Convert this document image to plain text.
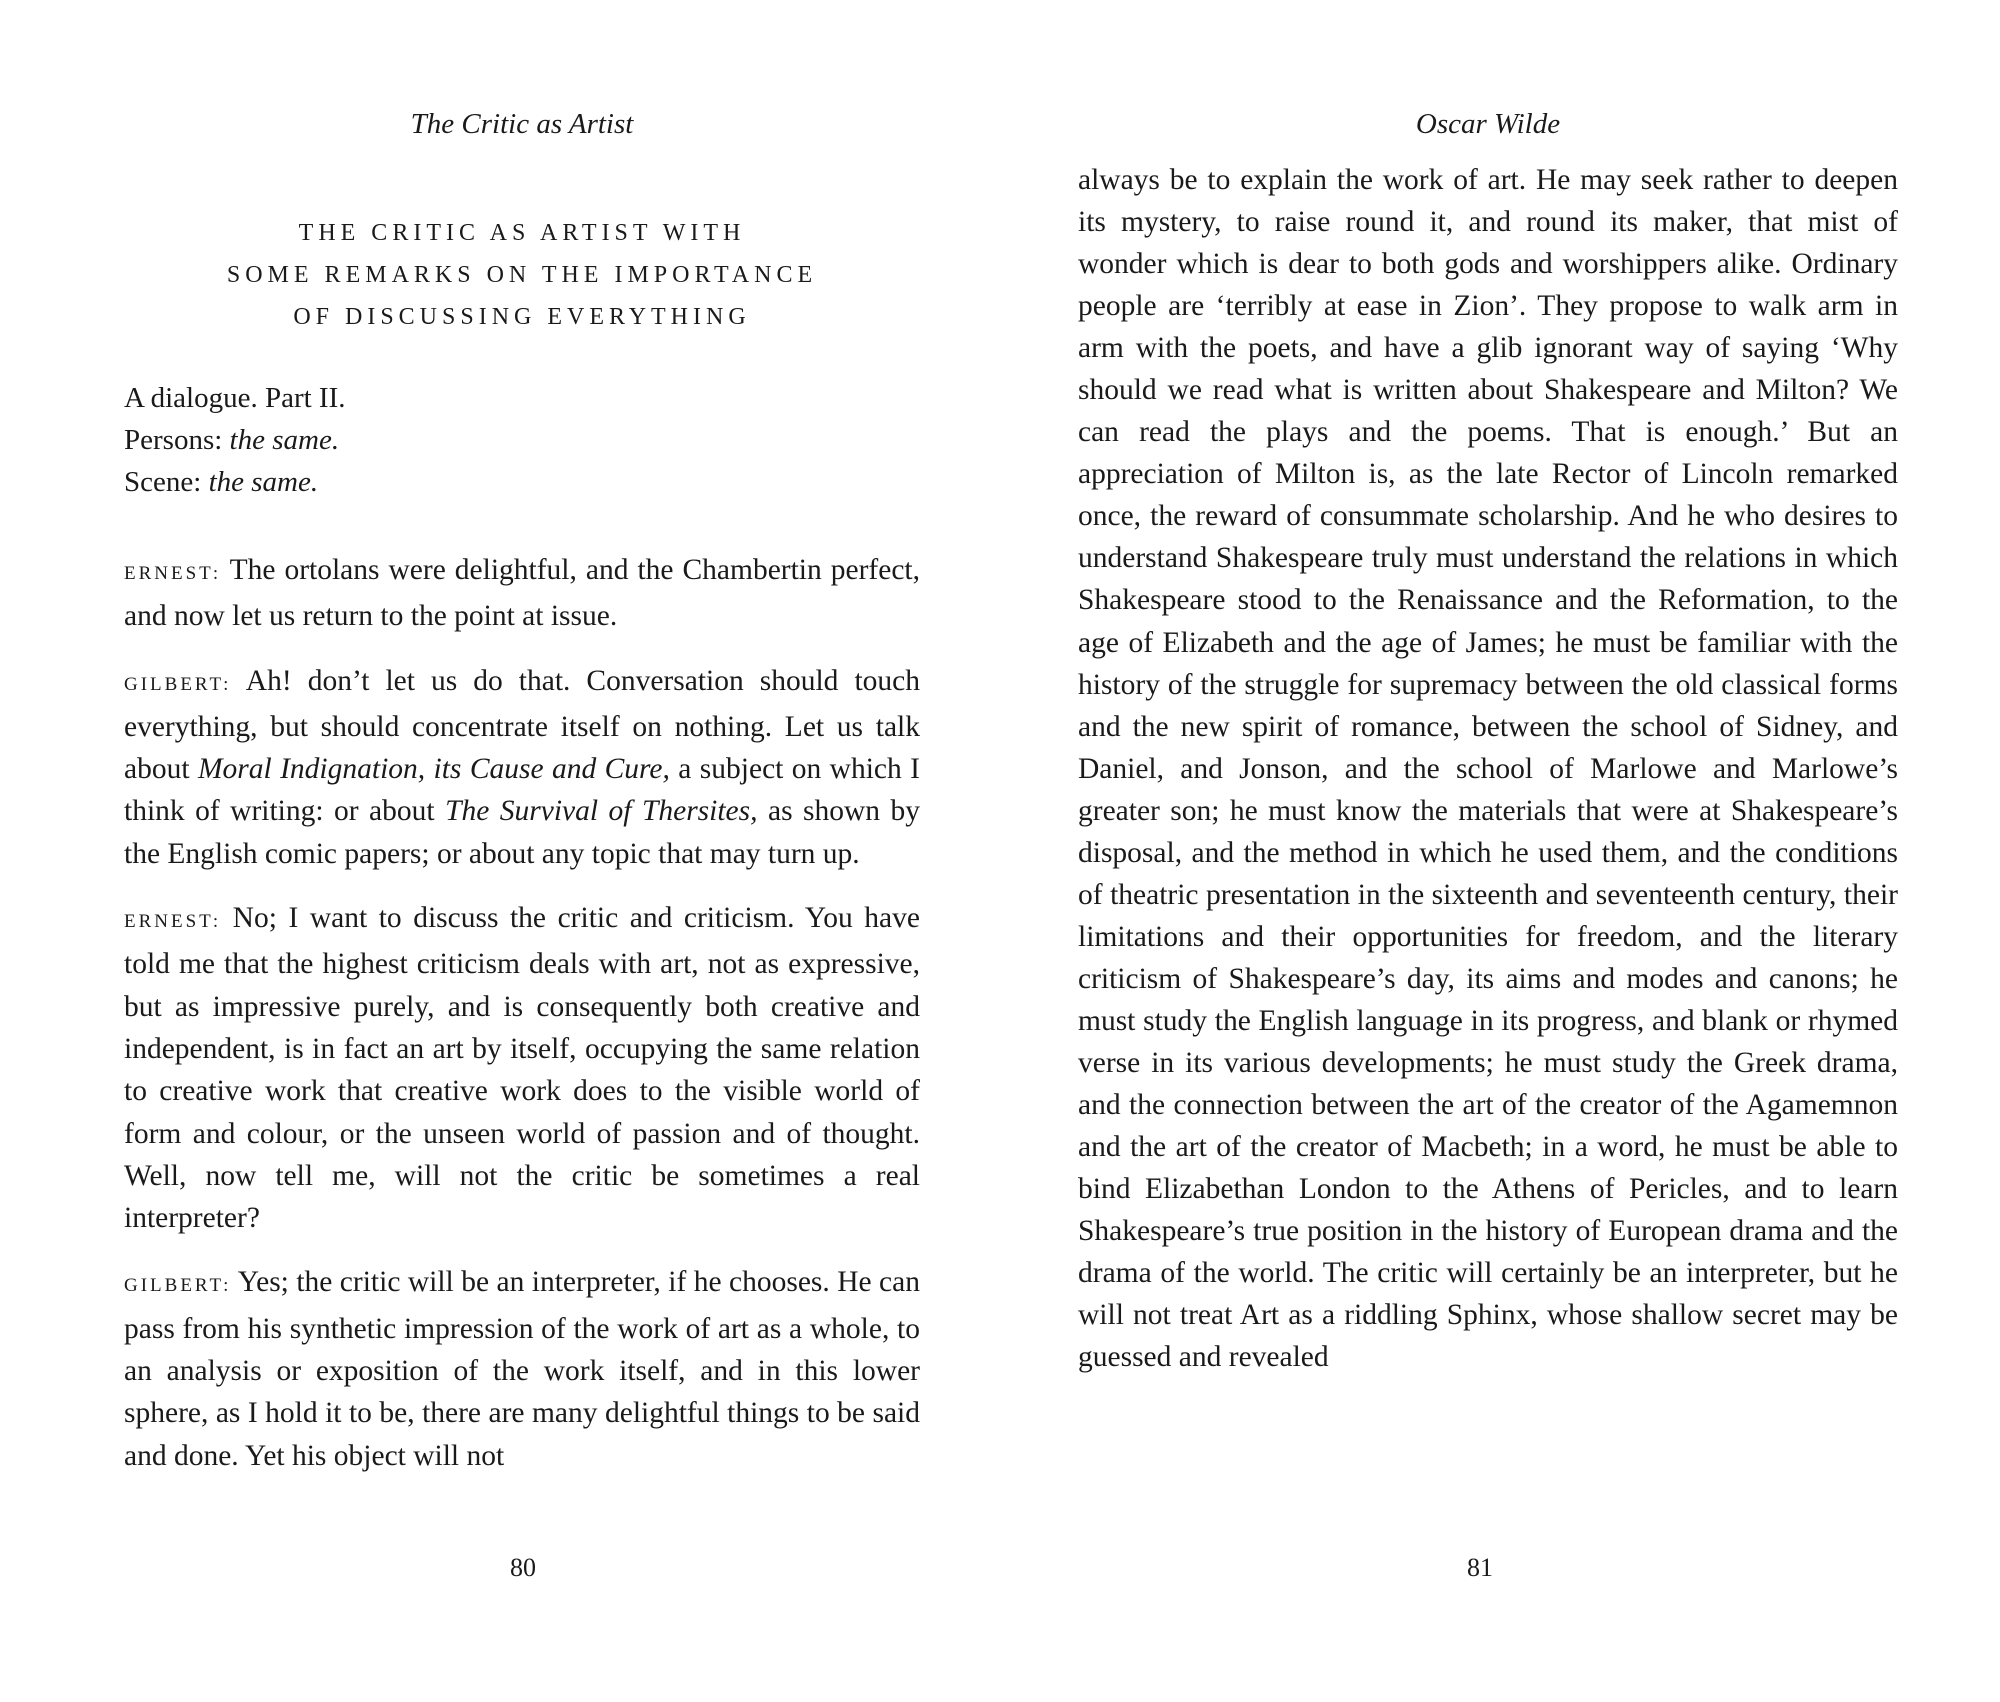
The Critic as Artist
THE CRITIC AS ARTIST WITH
SOME REMARKS ON THE IMPORTANCE
OF DISCUSSING EVERYTHING
A dialogue. Part II.
Persons: the same.
Scene: the same.

ERNEST: The ortolans were delightful, and the Chambertin perfect, and now let us return to the point at issue.

GILBERT: Ah! don’t let us do that. Conversation should touch everything, but should concentrate itself on nothing. Let us talk about Moral Indignation, its Cause and Cure, a subject on which I think of writing: or about The Survival of Thersites, as shown by the English comic papers; or about any topic that may turn up.

ERNEST: No; I want to discuss the critic and criticism. You have told me that the highest criticism deals with art, not as expressive, but as impressive purely, and is consequently both creative and independent, is in fact an art by itself, occupying the same relation to creative work that creative work does to the visible world of form and colour, or the unseen world of passion and of thought. Well, now tell me, will not the critic be sometimes a real interpreter?

GILBERT: Yes; the critic will be an interpreter, if he chooses. He can pass from his synthetic impression of the work of art as a whole, to an analysis or exposition of the work itself, and in this lower sphere, as I hold it to be, there are many delightful things to be said and done. Yet his object will not

80
Oscar Wilde
always be to explain the work of art. He may seek rather to deepen its mystery, to raise round it, and round its maker, that mist of wonder which is dear to both gods and worshippers alike. Ordinary people are ‘terribly at ease in Zion’. They propose to walk arm in arm with the poets, and have a glib ignorant way of saying ‘Why should we read what is written about Shakespeare and Milton? We can read the plays and the poems. That is enough.’ But an appreciation of Milton is, as the late Rector of Lincoln remarked once, the reward of consummate scholarship. And he who desires to understand Shakespeare truly must understand the relations in which Shakespeare stood to the Renaissance and the Reformation, to the age of Elizabeth and the age of James; he must be familiar with the history of the struggle for supremacy between the old classical forms and the new spirit of romance, between the school of Sidney, and Daniel, and Jonson, and the school of Marlowe and Marlowe’s greater son; he must know the materials that were at Shakespeare’s disposal, and the method in which he used them, and the conditions of theatric presentation in the sixteenth and seventeenth century, their limitations and their opportunities for freedom, and the literary criticism of Shakespeare’s day, its aims and modes and canons; he must study the English language in its progress, and blank or rhymed verse in its various developments; he must study the Greek drama, and the connection between the art of the creator of the Agamemnon and the art of the creator of Macbeth; in a word, he must be able to bind Elizabethan London to the Athens of Pericles, and to learn Shakespeare’s true position in the history of European drama and the drama of the world. The critic will certainly be an interpreter, but he will not treat Art as a riddling Sphinx, whose shallow secret may be guessed and revealed
81
